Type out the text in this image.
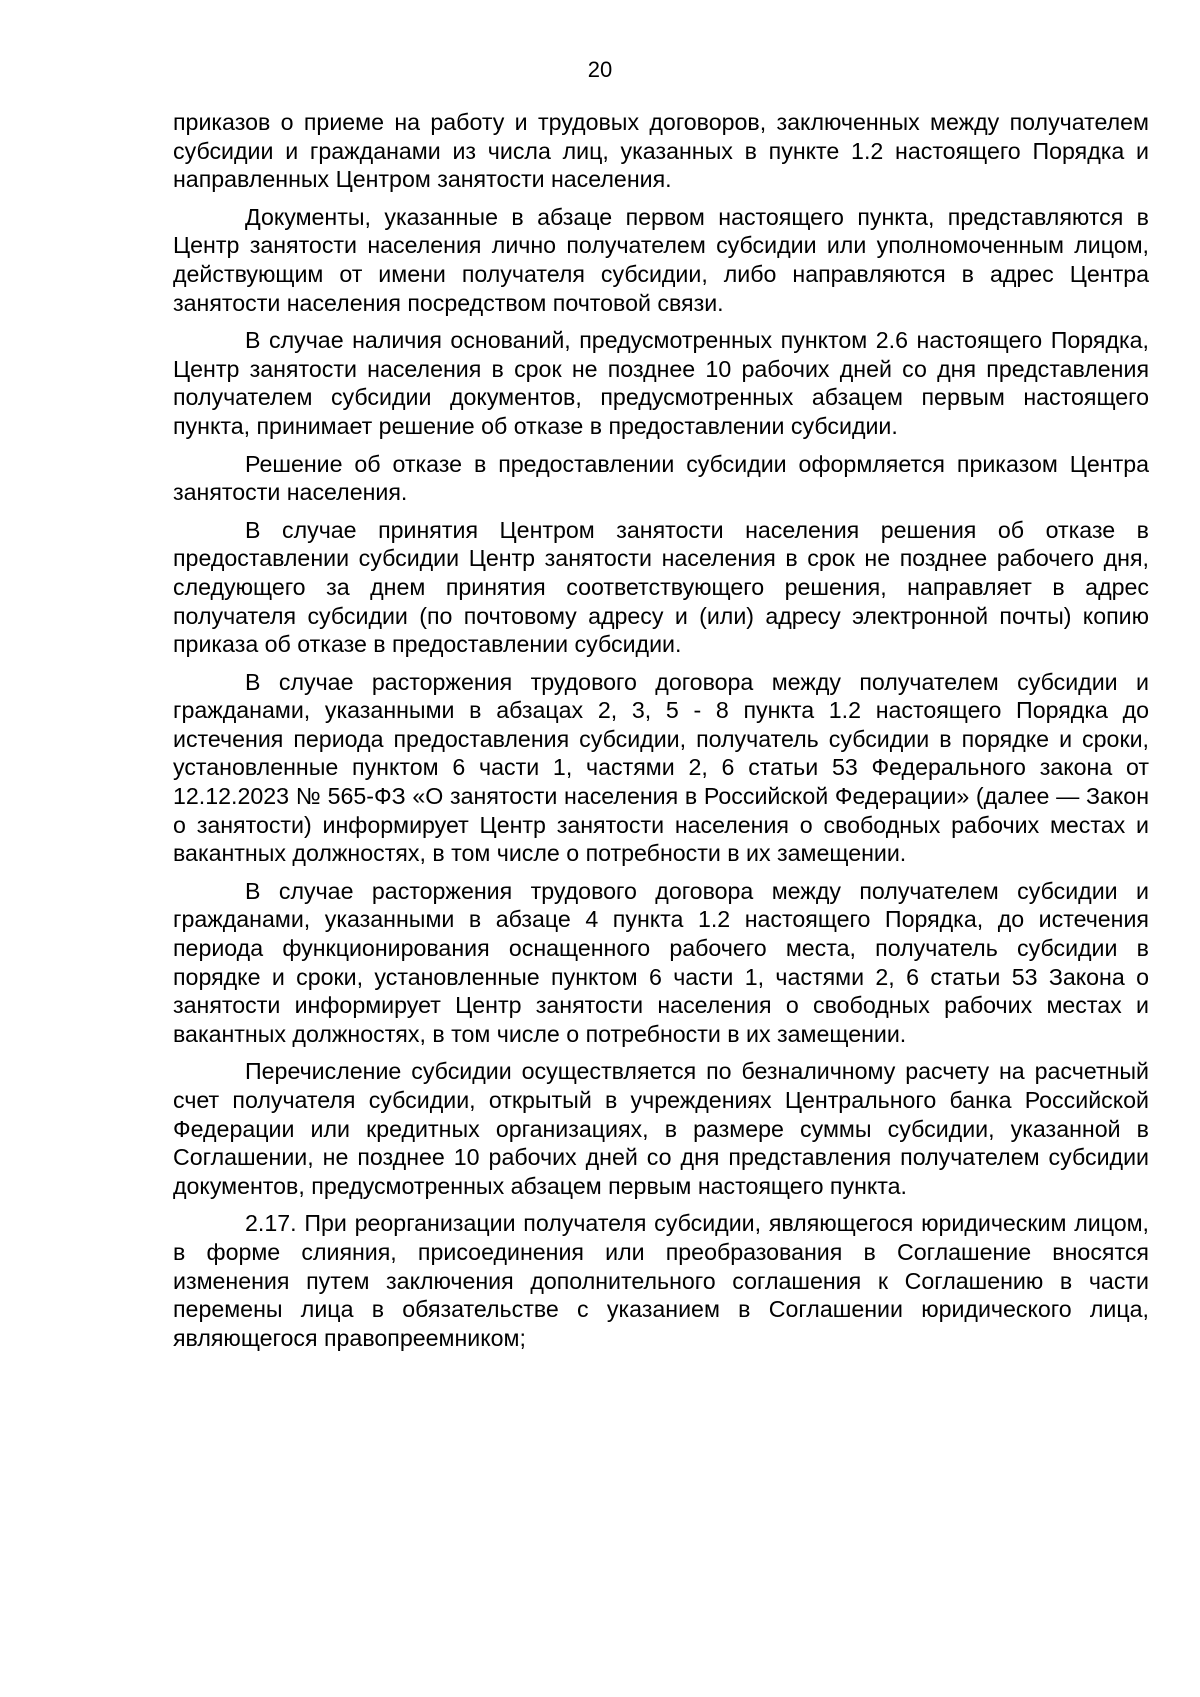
20

приказов о приеме на работу и трудовых договоров, заключенных между получателем субсидии и гражданами из числа лиц, указанных в пункте 1.2 настоящего Порядка и направленных Центром занятости населения.

Документы, указанные в абзаце первом настоящего пункта, представляются в Центр занятости населения лично получателем субсидии или уполномоченным лицом, действующим от имени получателя субсидии, либо направляются в адрес Центра занятости населения посредством почтовой связи.

В случае наличия оснований, предусмотренных пунктом 2.6 настоящего Порядка, Центр занятости населения в срок не позднее 10 рабочих дней со дня представления получателем субсидии документов, предусмотренных абзацем первым настоящего пункта, принимает решение об отказе в предоставлении субсидии.

Решение об отказе в предоставлении субсидии оформляется приказом Центра занятости населения.

В случае принятия Центром занятости населения решения об отказе в предоставлении субсидии Центр занятости населения в срок не позднее рабочего дня, следующего за днем принятия соответствующего решения, направляет в адрес получателя субсидии (по почтовому адресу и (или) адресу электронной почты) копию приказа об отказе в предоставлении субсидии.

В случае расторжения трудового договора между получателем субсидии и гражданами, указанными в абзацах 2, 3, 5 - 8 пункта 1.2 настоящего Порядка до истечения периода предоставления субсидии, получатель субсидии в порядке и сроки, установленные пунктом 6 части 1, частями 2, 6 статьи 53 Федерального закона от 12.12.2023 № 565-ФЗ «О занятости населения в Российской Федерации» (далее — Закон о занятости) информирует Центр занятости населения о свободных рабочих местах и вакантных должностях, в том числе о потребности в их замещении.

В случае расторжения трудового договора между получателем субсидии и гражданами, указанными в абзаце 4 пункта 1.2 настоящего Порядка, до истечения периода функционирования оснащенного рабочего места, получатель субсидии в порядке и сроки, установленные пунктом 6 части 1, частями 2, 6 статьи 53 Закона о занятости информирует Центр занятости населения о свободных рабочих местах и вакантных должностях, в том числе о потребности в их замещении.

Перечисление субсидии осуществляется по безналичному расчету на расчетный счет получателя субсидии, открытый в учреждениях Центрального банка Российской Федерации или кредитных организациях, в размере суммы субсидии, указанной в Соглашении, не позднее 10 рабочих дней со дня представления получателем субсидии документов, предусмотренных абзацем первым настоящего пункта.

2.17. При реорганизации получателя субсидии, являющегося юридическим лицом, в форме слияния, присоединения или преобразования в Соглашение вносятся изменения путем заключения дополнительного соглашения к Соглашению в части перемены лица в обязательстве с указанием в Соглашении юридического лица, являющегося правопреемником;
